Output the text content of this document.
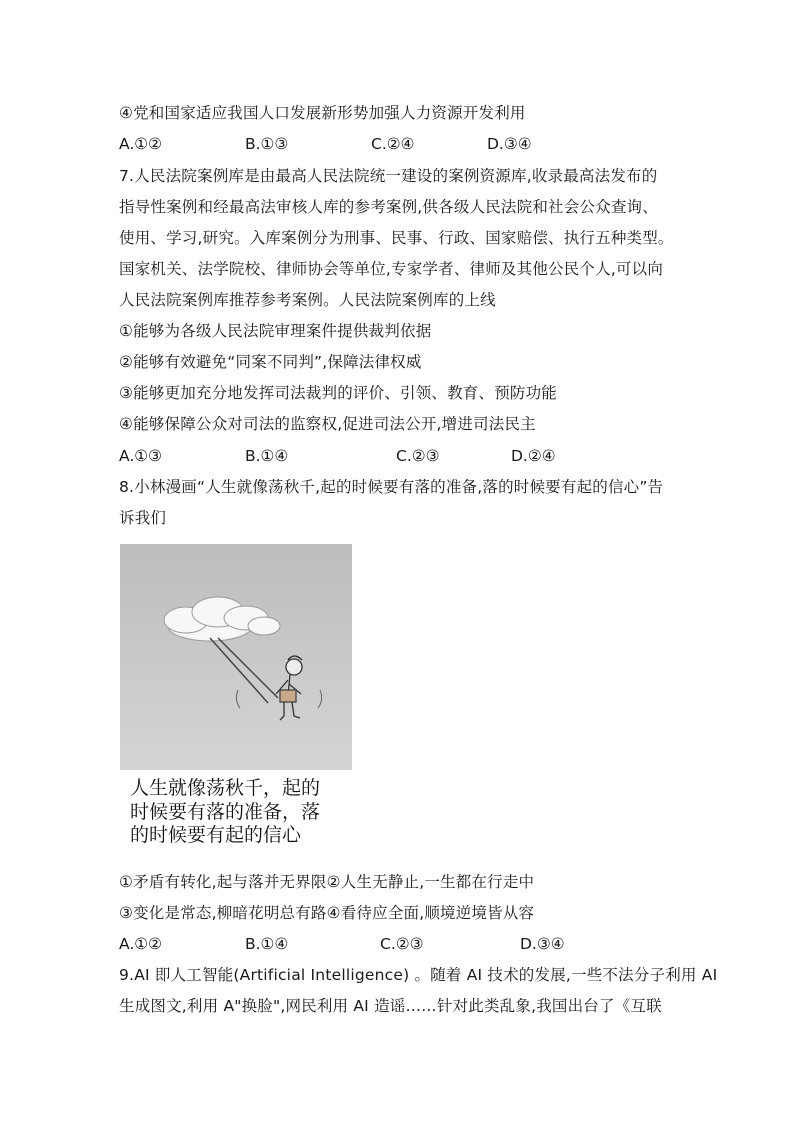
④党和国家适应我国人口发展新形势加强人力资源开发利用
A.①②	B.①③	C.②④	D.③④
7.人民法院案例库是由最高人民法院统一建设的案例资源库,收录最高法发布的
指导性案例和经最高法审核人库的参考案例,供各级人民法院和社会公众查询、
使用、学习,研究。入库案例分为刑事、民事、行政、国家赔偿、执行五种类型。
国家机关、法学院校、律师协会等单位,专家学者、律师及其他公民个人,可以向
人民法院案例库推荐参考案例。人民法院案例库的上线
①能够为各级人民法院审理案件提供裁判依据
②能够有效避免“同案不同判”,保障法律权威
③能够更加充分地发挥司法裁判的评价、引领、教育、预防功能
④能够保障公众对司法的监察权,促进司法公开,增进司法民主
A.①③	B.①④	C.②③	D.②④
8.小林漫画“人生就像荡秋千,起的时候要有落的准备,落的时候要有起的信心”告
诉我们
人生就像荡秋千，起的
时候要有落的准备，落
的时候要有起的信心
①矛盾有转化,起与落并无界限②人生无静止,一生都在行走中
③变化是常态,柳暗花明总有路④看待应全面,顺境逆境皆从容
A.①②	B.①④	C.②③	D.③④
9.AI 即人工智能(Artificial Intelligence) 。随着 AI 技术的发展,一些不法分子利用 AI
生成图文,利用 A"换脸",网民利用 AI 造谣……针对此类乱象,我国出台了《互联
